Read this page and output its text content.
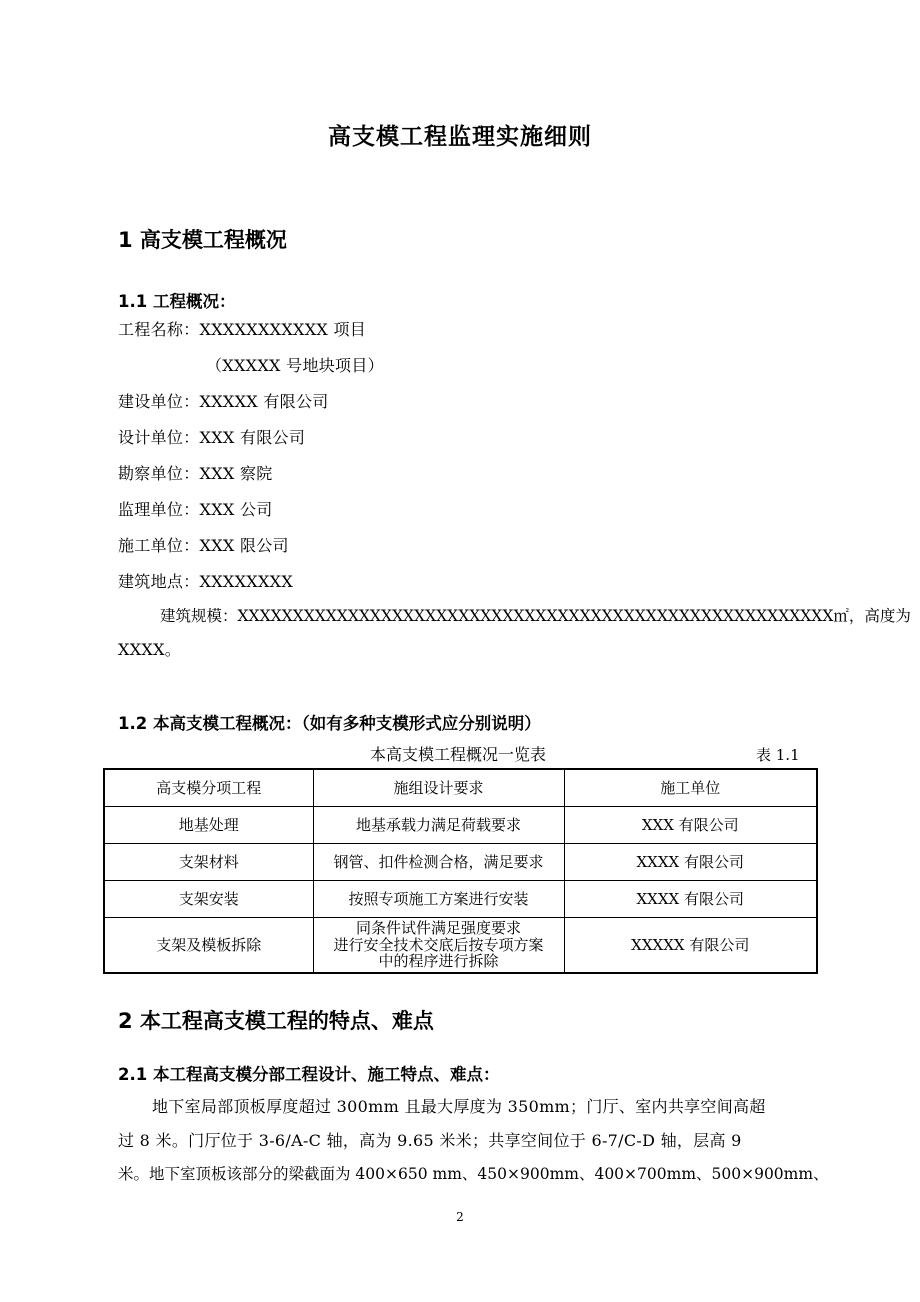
高支模工程监理实施细则
1 高支模工程概况
1.1 工程概况：
工程名称：XXXXXXXXXXX 项目
（XXXXX 号地块项目）
建设单位：XXXXX 有限公司
设计单位：XXX 有限公司
勘察单位：XXX 察院
监理单位：XXX 公司
施工单位：XXX 限公司
建筑地点：XXXXXXXX
建筑规模：XXXXXXXXXXXXXXXXXXXXXXXXXXXXXXXXXXXXXXXXXXXXXXXXXXXXXX㎡，高度为
XXXX。
1.2 本高支模工程概况：（如有多种支模形式应分别说明）
本高支模工程概况一览表	表 1.1
高支模分项工程	施组设计要求	施工单位
地基处理	地基承载力满足荷载要求	XXX 有限公司
支架材料	钢管、扣件检测合格，满足要求	XXXX 有限公司
支架安装	按照专项施工方案进行安装	XXXX 有限公司
支架及模板拆除	同条件试件满足强度要求
进行安全技术交底后按专项方案
中的程序进行拆除	XXXXX 有限公司
2 本工程高支模工程的特点、难点
2.1 本工程高支模分部工程设计、施工特点、难点：
地下室局部顶板厚度超过 300mm 且最大厚度为 350mm；门厅、室内共享空间高超
过 8 米。门厅位于 3-6/A-C 轴，高为 9.65 米米；共享空间位于 6-7/C-D 轴，层高 9
米。地下室顶板该部分的梁截面为 400×650 mm、450×900mm、400×700mm、500×900mm、
2
